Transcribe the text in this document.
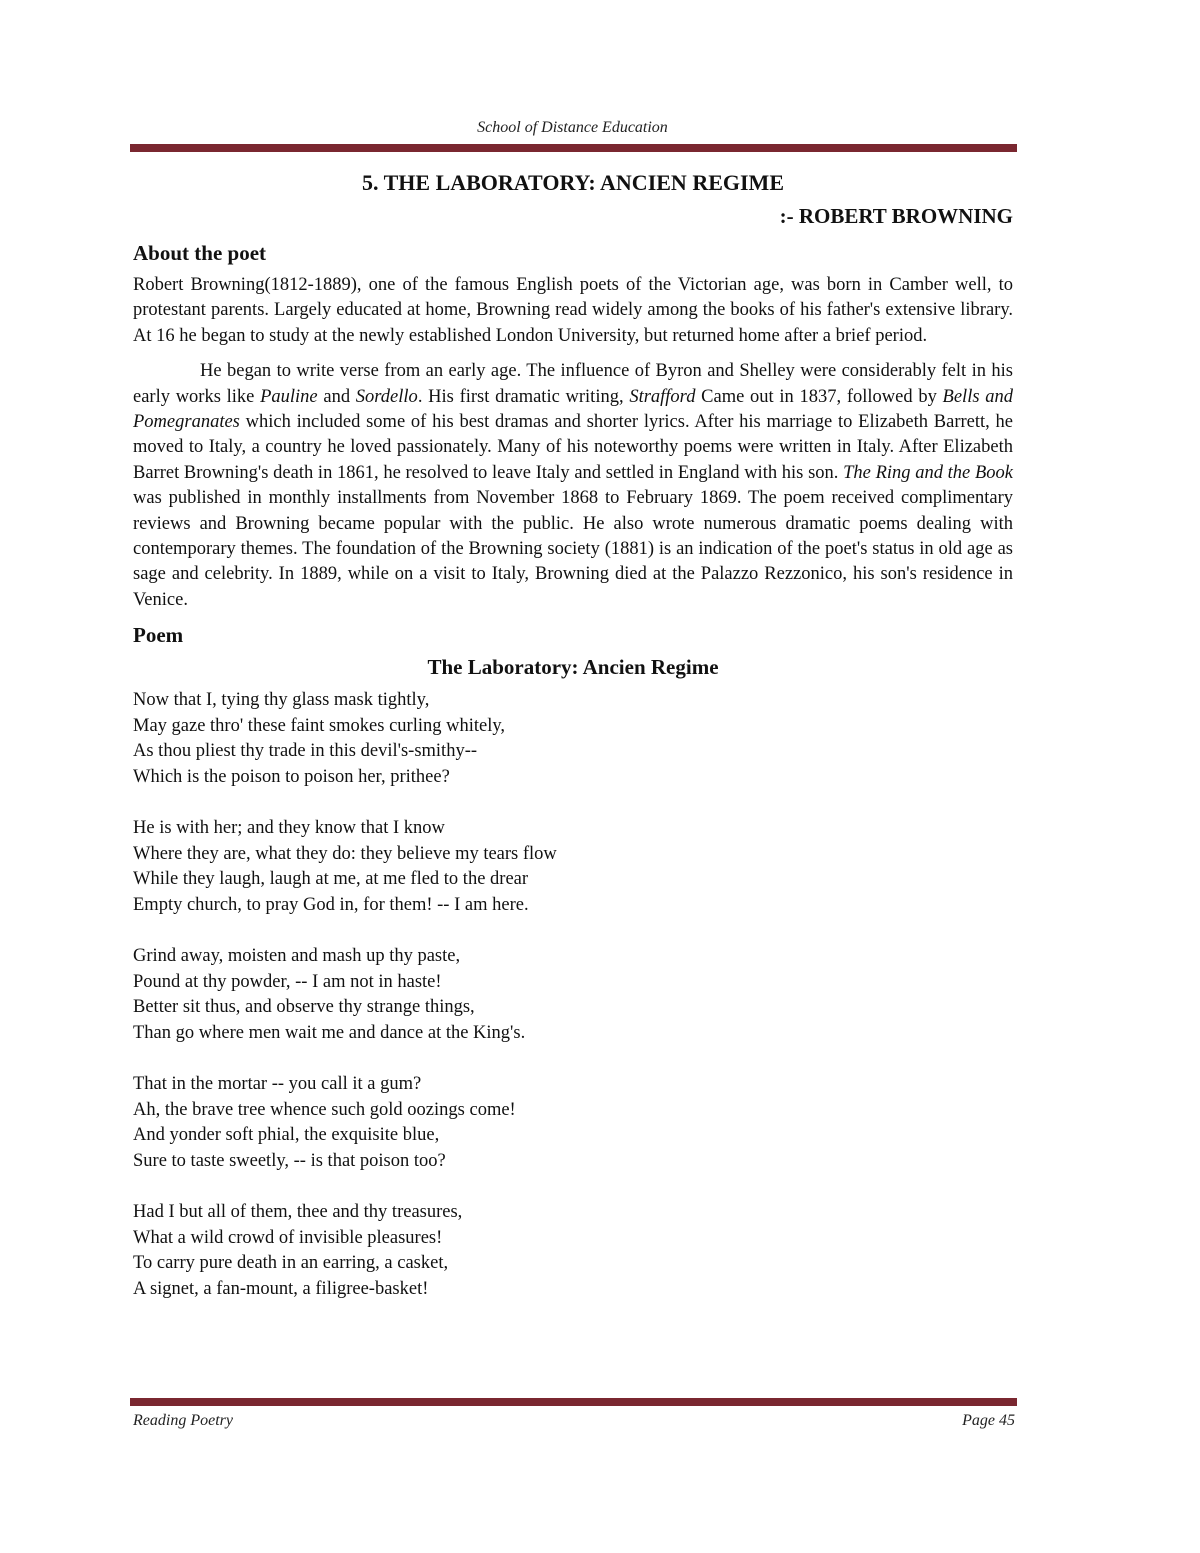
School of Distance Education
5. THE LABORATORY: ANCIEN REGIME
:- ROBERT BROWNING
About the poet

Robert Browning(1812-1889), one of the famous English poets of the Victorian age, was born in Camber well, to protestant parents. Largely educated at home, Browning read widely among the books of his father's extensive library. At 16 he began to study at the newly established London University, but returned home after a brief period.

He began to write verse from an early age. The influence of Byron and Shelley were considerably felt in his early works like Pauline and Sordello. His first dramatic writing, Strafford Came out in 1837, followed by Bells and Pomegranates which included some of his best dramas and shorter lyrics. After his marriage to Elizabeth Barrett, he moved to Italy, a country he loved passionately. Many of his noteworthy poems were written in Italy. After Elizabeth Barret Browning's death in 1861, he resolved to leave Italy and settled in England with his son. The Ring and the Book was published in monthly installments from November 1868 to February 1869. The poem received complimentary reviews and Browning became popular with the public. He also wrote numerous dramatic poems dealing with contemporary themes. The foundation of the Browning society (1881) is an indication of the poet's status in old age as sage and celebrity. In 1889, while on a visit to Italy, Browning died at the Palazzo Rezzonico, his son's residence in Venice.

Poem
The Laboratory: Ancien Regime
Now that I, tying thy glass mask tightly,
May gaze thro' these faint smokes curling whitely,
As thou pliest thy trade in this devil's-smithy--
Which is the poison to poison her, prithee?
He is with her; and they know that I know
Where they are, what they do: they believe my tears flow
While they laugh, laugh at me, at me fled to the drear
Empty church, to pray God in, for them! -- I am here.
Grind away, moisten and mash up thy paste,
Pound at thy powder, -- I am not in haste!
Better sit thus, and observe thy strange things,
Than go where men wait me and dance at the King's.
That in the mortar -- you call it a gum?
Ah, the brave tree whence such gold oozings come!
And yonder soft phial, the exquisite blue,
Sure to taste sweetly, -- is that poison too?
Had I but all of them, thee and thy treasures,
What a wild crowd of invisible pleasures!
To carry pure death in an earring, a casket,
A signet, a fan-mount, a filigree-basket!
Reading Poetry	Page 45
